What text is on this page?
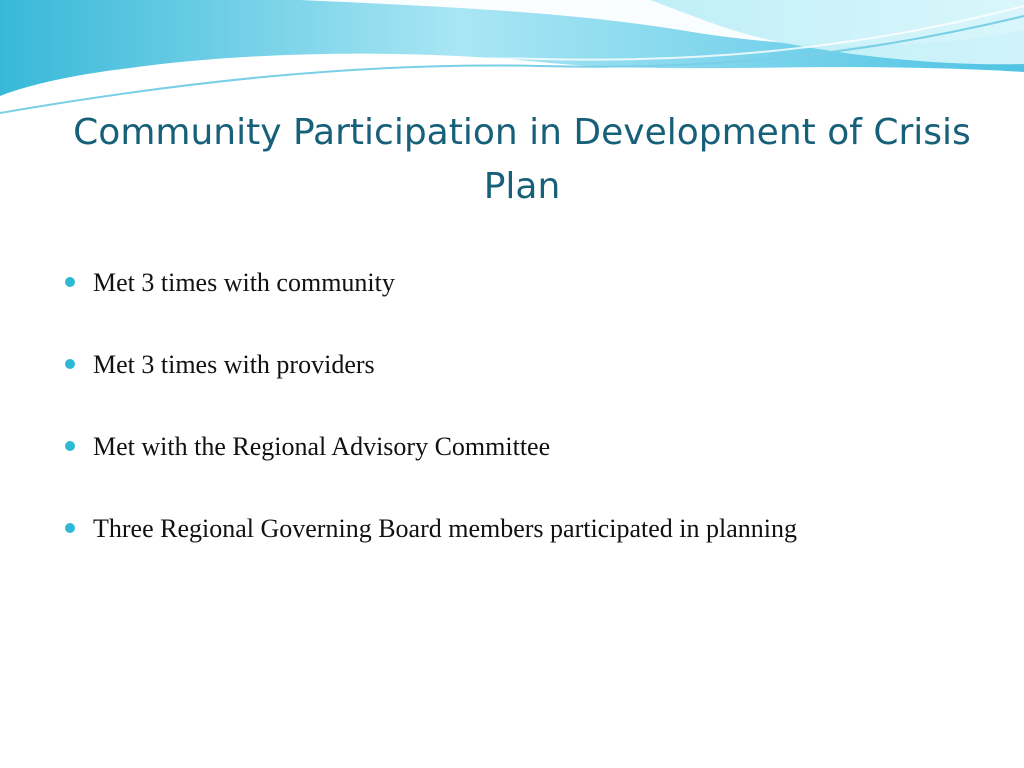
Community Participation in Development of Crisis Plan
Met 3 times with community
Met 3 times with providers
Met with the Regional Advisory Committee
Three Regional Governing Board members participated in planning
